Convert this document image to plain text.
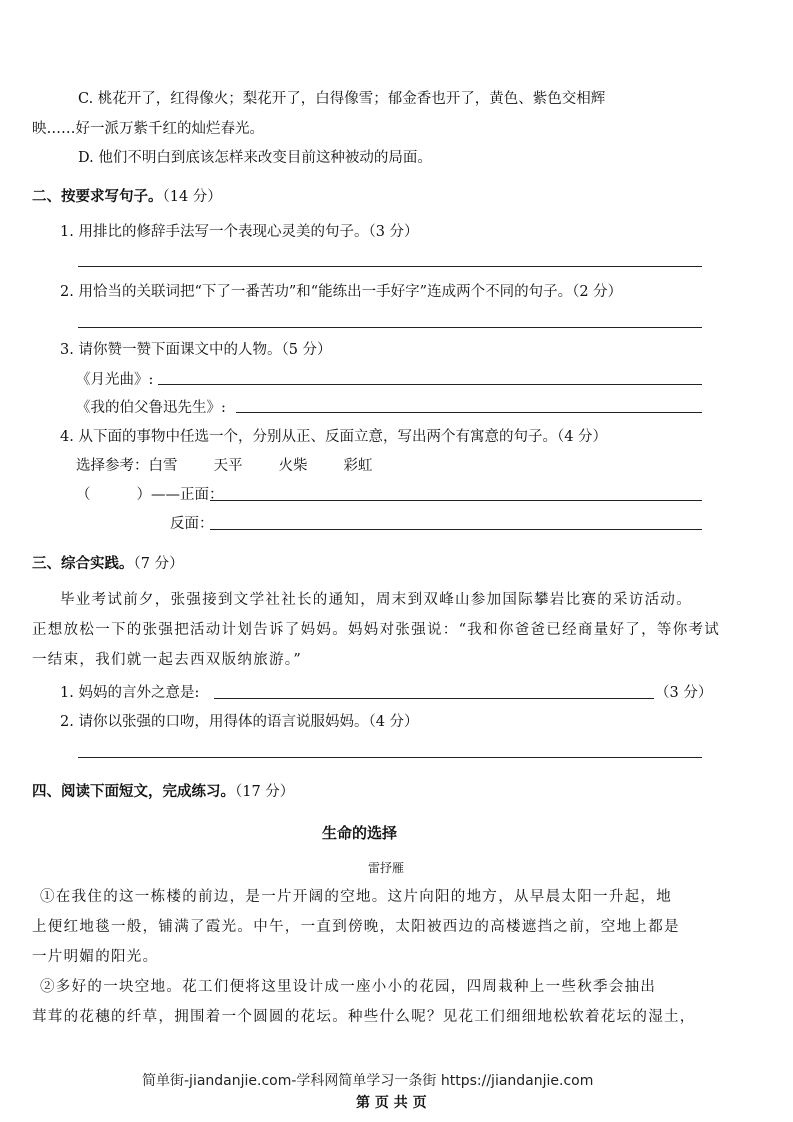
C. 桃花开了，红得像火；梨花开了，白得像雪；郁金香也开了，黄色、紫色交相辉
映……好一派万紫千红的灿烂春光。
D. 他们不明白到底该怎样来改变目前这种被动的局面。
二、按要求写句子。（14 分）
1. 用排比的修辞手法写一个表现心灵美的句子。（3 分）
2. 用恰当的关联词把“下了一番苦功”和“能练出一手好字”连成两个不同的句子。（2 分）
3. 请你赞一赞下面课文中的人物。（5 分）
《月光曲》:
《我的伯父鲁迅先生》:
4. 从下面的事物中任选一个，分别从正、反面立意，写出两个有寓意的句子。（4 分）
选择参考：白雪 天平 火柴 彩虹
（	）——正面：
反面：
三、综合实践。（7 分）
毕业考试前夕，张强接到文学社社长的通知，周末到双峰山参加国际攀岩比赛的采访活动。
正想放松一下的张强把活动计划告诉了妈妈。妈妈对张强说：“我和你爸爸已经商量好了，等你考试
一结束，我们就一起去西双版纳旅游。”
1. 妈妈的言外之意是:	（3 分）
2. 请你以张强的口吻，用得体的语言说服妈妈。（4 分）
四、阅读下面短文，完成练习。（17 分）
生命的选择
雷抒雁
①在我住的这一栋楼的前边，是一片开阔的空地。这片向阳的地方，从早晨太阳一升起，地
上便红地毯一般，铺满了霞光。中午，一直到傍晚，太阳被西边的高楼遮挡之前，空地上都是
一片明媚的阳光。
②多好的一块空地。花工们便将这里设计成一座小小的花园，四周栽种上一些秋季会抽出
茸茸的花穗的纤草，拥围着一个圆圆的花坛。种些什么呢？见花工们细细地松软着花坛的湿土，
简单街-jiandanjie.com-学科网简单学习一条街 https://jiandanjie.com
第 页 共 页
